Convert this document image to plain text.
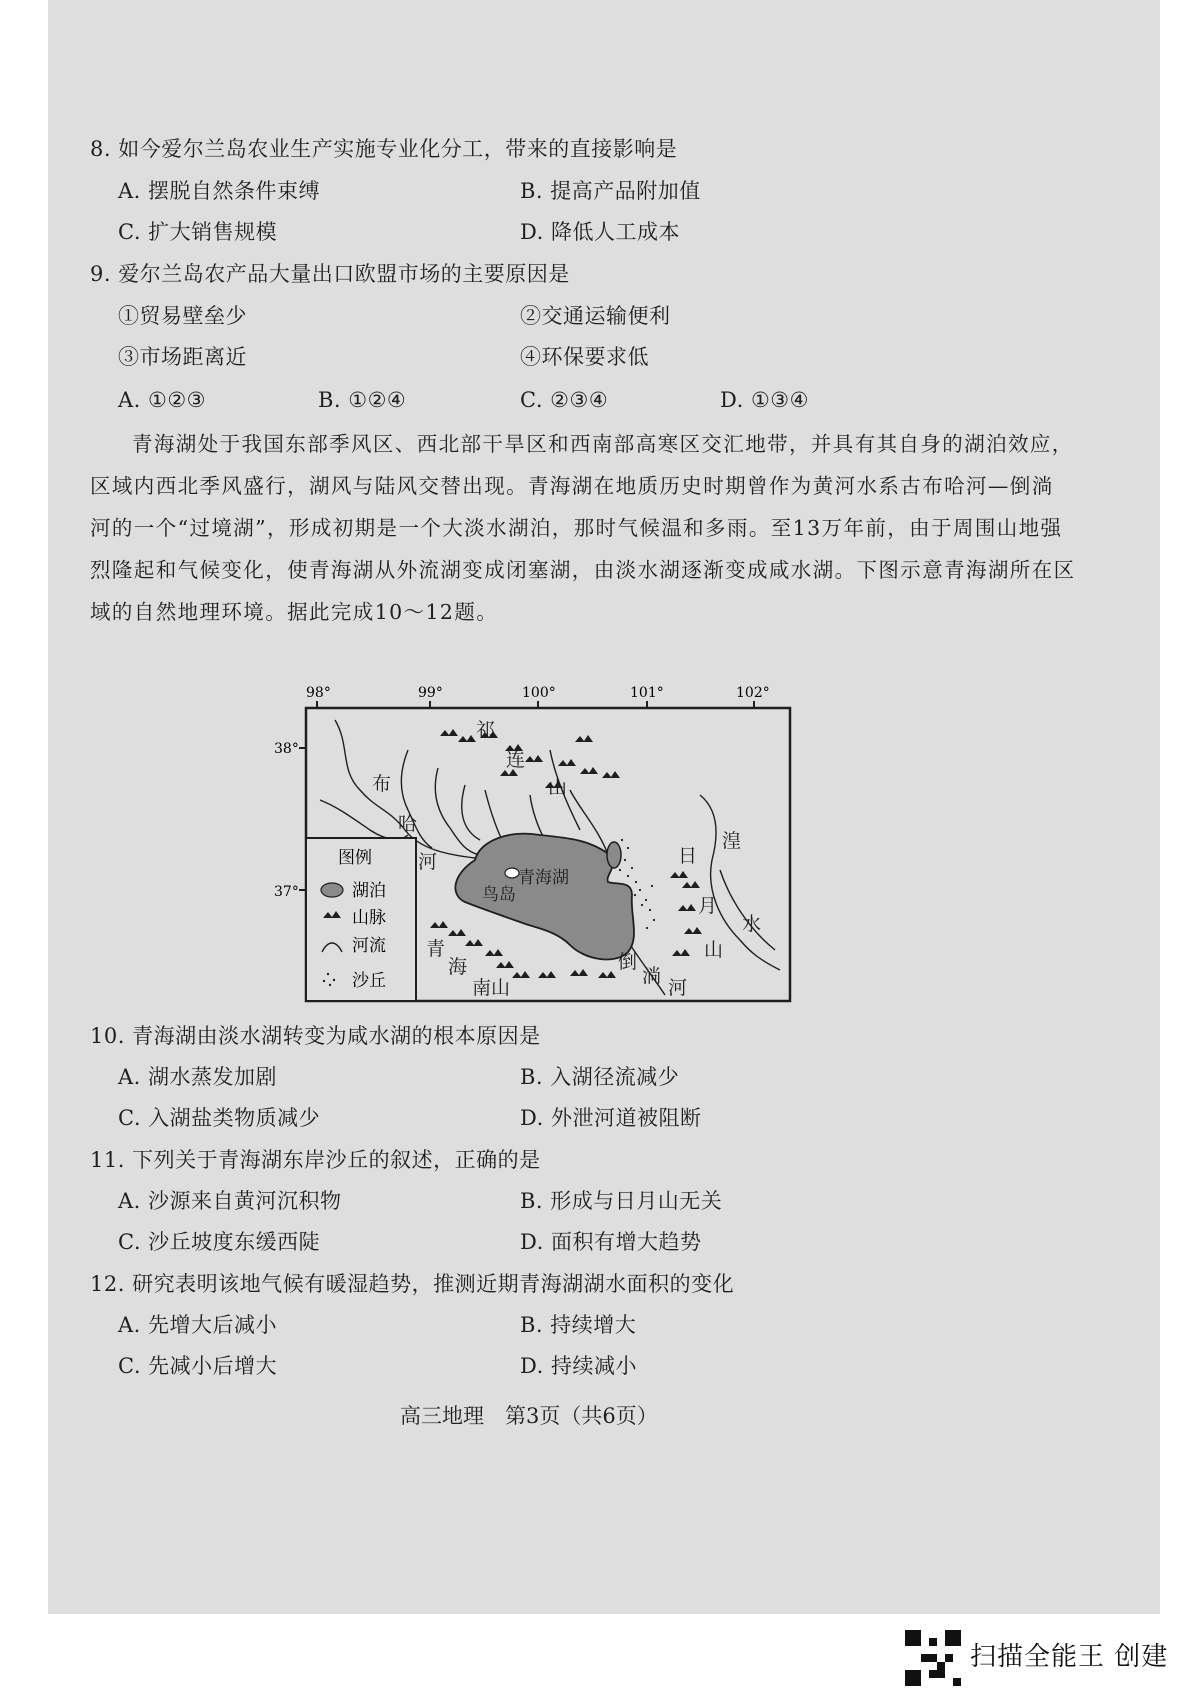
8. 如今爱尔兰岛农业生产实施专业化分工，带来的直接影响是
A. 摆脱自然条件束缚	B. 提高产品附加值
C. 扩大销售规模	D. 降低人工成本
9. 爱尔兰岛农产品大量出口欧盟市场的主要原因是
①贸易壁垒少	②交通运输便利
③市场距离近	④环保要求低
A. ①②③	B. ①②④	C. ②③④	D. ①③④
青海湖处于我国东部季风区、西北部干旱区和西南部高寒区交汇地带，并具有其自身的湖泊效应，
区域内西北季风盛行，湖风与陆风交替出现。青海湖在地质历史时期曾作为黄河水系古布哈河—倒淌
河的一个“过境湖”，形成初期是一个大淡水湖泊，那时气候温和多雨。至13万年前，由于周围山地强
烈隆起和气候变化，使青海湖从外流湖变成闭塞湖，由淡水湖逐渐变成咸水湖。下图示意青海湖所在区
域的自然地理环境。据此完成10～12题。
98°	99°	100°	101°	102°
38°
37°
祁
连
山
布
哈
河
青海湖
鸟岛
青
海
南山
日
月
山
倒
淌
河
湟
水
图例
湖泊
山脉
河流
沙丘
10. 青海湖由淡水湖转变为咸水湖的根本原因是
A. 湖水蒸发加剧	B. 入湖径流减少
C. 入湖盐类物质减少	D. 外泄河道被阻断
11. 下列关于青海湖东岸沙丘的叙述，正确的是
A. 沙源来自黄河沉积物	B. 形成与日月山无关
C. 沙丘坡度东缓西陡	D. 面积有增大趋势
12. 研究表明该地气候有暖湿趋势，推测近期青海湖湖水面积的变化
A. 先增大后减小	B. 持续增大
C. 先减小后增大	D. 持续减小
高三地理　第3页（共6页）
扫描全能王 创建
